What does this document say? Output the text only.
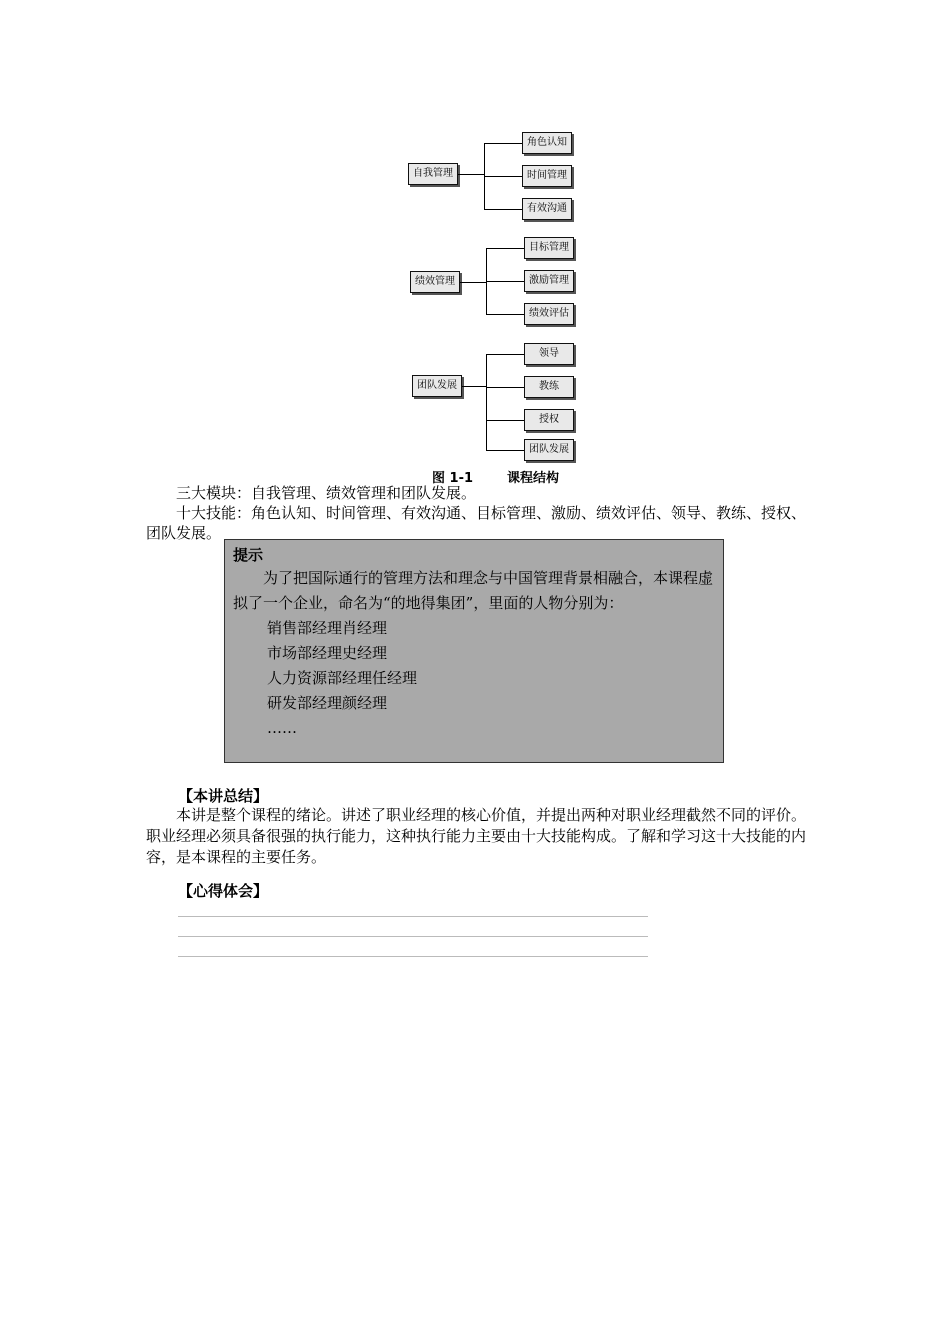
自我管理
角色认知
时间管理
有效沟通
绩效管理
目标管理
激励管理
绩效评估
团队发展
领导
教练
授权
团队发展
图 1-1	课程结构

三大模块：自我管理、绩效管理和团队发展。

十大技能：角色认知、时间管理、有效沟通、目标管理、激励、绩效评估、领导、教练、授权、团队发展。

提示

为了把国际通行的管理方法和理念与中国管理背景相融合，本课程虚拟了一个企业，命名为“的地得集团”，里面的人物分别为：

销售部经理肖经理
市场部经理史经理
人力资源部经理任经理
研发部经理颜经理
……
【本讲总结】

本讲是整个课程的绪论。讲述了职业经理的核心价值，并提出两种对职业经理截然不同的评价。职业经理必须具备很强的执行能力，这种执行能力主要由十大技能构成。了解和学习这十大技能的内容，是本课程的主要任务。

【心得体会】
